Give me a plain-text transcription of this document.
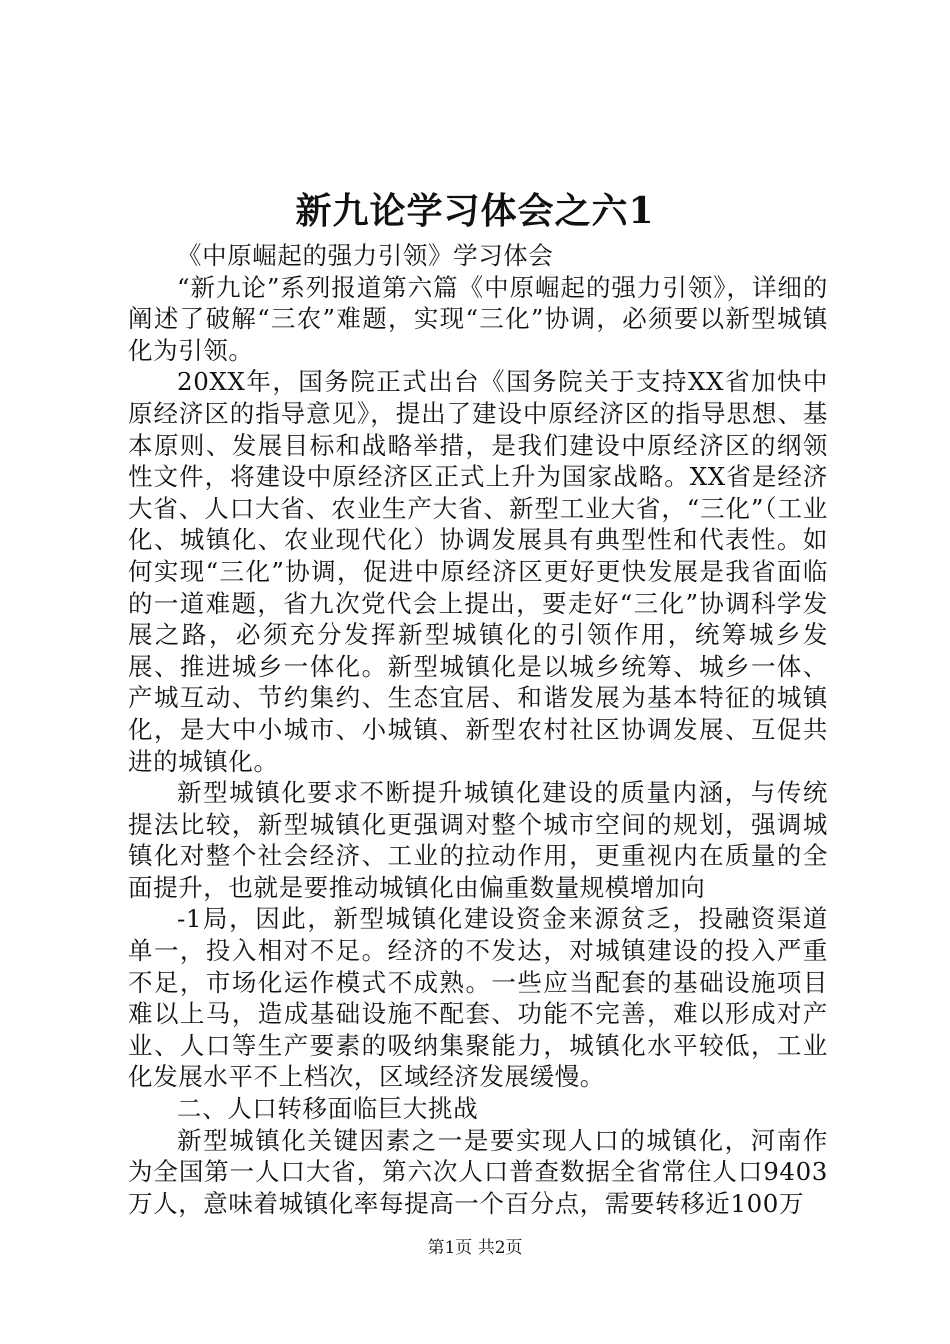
新九论学习体会之六1

《中原崛起的强力引领》学习体会

“新九论”系列报道第六篇《中原崛起的强力引领》，详细的阐述了破解“三农”难题，实现“三化”协调，必须要以新型城镇化为引领。

20XX年，国务院正式出台《国务院关于支持XX省加快中原经济区的指导意见》，提出了建设中原经济区的指导思想、基本原则、发展目标和战略举措，是我们建设中原经济区的纲领性文件，将建设中原经济区正式上升为国家战略。XX省是经济大省、人口大省、农业生产大省、新型工业大省，“三化”（工业化、城镇化、农业现代化）协调发展具有典型性和代表性。如何实现“三化”协调，促进中原经济区更好更快发展是我省面临的一道难题，省九次党代会上提出，要走好“三化”协调科学发展之路，必须充分发挥新型城镇化的引领作用，统筹城乡发展、推进城乡一体化。新型城镇化是以城乡统筹、城乡一体、产城互动、节约集约、生态宜居、和谐发展为基本特征的城镇化，是大中小城市、小城镇、新型农村社区协调发展、互促共进的城镇化。

新型城镇化要求不断提升城镇化建设的质量内涵，与传统提法比较，新型城镇化更强调对整个城市空间的规划，强调城镇化对整个社会经济、工业的拉动作用，更重视内在质量的全面提升，也就是要推动城镇化由偏重数量规模增加向

-1局，因此，新型城镇化建设资金来源贫乏，投融资渠道单一，投入相对不足。经济的不发达，对城镇建设的投入严重不足，市场化运作模式不成熟。一些应当配套的基础设施项目难以上马，造成基础设施不配套、功能不完善，难以形成对产业、人口等生产要素的吸纳集聚能力，城镇化水平较低，工业化发展水平不上档次，区域经济发展缓慢。

二、人口转移面临巨大挑战

新型城镇化关键因素之一是要实现人口的城镇化，河南作为全国第一人口大省，第六次人口普查数据全省常住人口9403万人，意味着城镇化率每提高一个百分点，需要转移近100万

第1页 共2页
